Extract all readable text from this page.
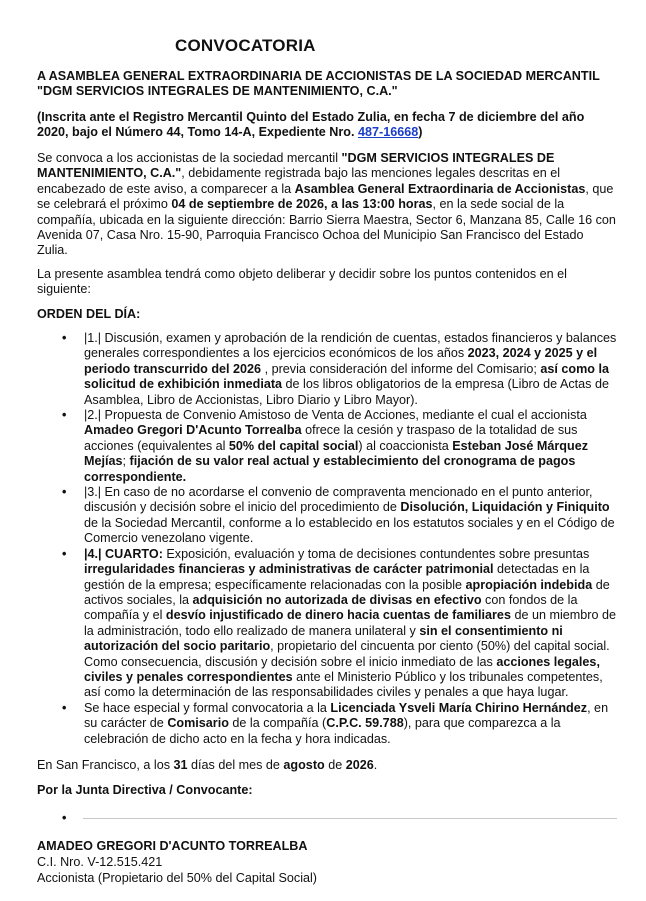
CONVOCATORIA

A ASAMBLEA GENERAL EXTRAORDINARIA DE ACCIONISTAS DE LA SOCIEDAD MERCANTIL "DGM SERVICIOS INTEGRALES DE MANTENIMIENTO, C.A."

(Inscrita ante el Registro Mercantil Quinto del Estado Zulia, en fecha 7 de diciembre del año 2020, bajo el Número 44, Tomo 14-A, Expediente Nro. 487-16668)

Se convoca a los accionistas de la sociedad mercantil "DGM SERVICIOS INTEGRALES DE MANTENIMIENTO, C.A.", debidamente registrada bajo las menciones legales descritas en el encabezado de este aviso, a comparecer a la Asamblea General Extraordinaria de Accionistas, que se celebrará el próximo 04 de septiembre de 2026, a las 13:00 horas, en la sede social de la compañía, ubicada en la siguiente dirección: Barrio Sierra Maestra, Sector 6, Manzana 85, Calle 16 con Avenida 07, Casa Nro. 15-90, Parroquia Francisco Ochoa del Municipio San Francisco del Estado Zulia.

La presente asamblea tendrá como objeto deliberar y decidir sobre los puntos contenidos en el siguiente:

ORDEN DEL DÍA:

• |1.| Discusión, examen y aprobación de la rendición de cuentas, estados financieros y balances generales correspondientes a los ejercicios económicos de los años 2023, 2024 y 2025 y el periodo transcurrido del 2026 , previa consideración del informe del Comisario; así como la solicitud de exhibición inmediata de los libros obligatorios de la empresa (Libro de Actas de Asamblea, Libro de Accionistas, Libro Diario y Libro Mayor).
• |2.| Propuesta de Convenio Amistoso de Venta de Acciones, mediante el cual el accionista Amadeo Gregori D'Acunto Torrealba ofrece la cesión y traspaso de la totalidad de sus acciones (equivalentes al 50% del capital social) al coaccionista Esteban José Márquez Mejías; fijación de su valor real actual y establecimiento del cronograma de pagos correspondiente.
• |3.| En caso de no acordarse el convenio de compraventa mencionado en el punto anterior, discusión y decisión sobre el inicio del procedimiento de Disolución, Liquidación y Finiquito de la Sociedad Mercantil, conforme a lo establecido en los estatutos sociales y en el Código de Comercio venezolano vigente.
• |4.| CUARTO: Exposición, evaluación y toma de decisiones contundentes sobre presuntas irregularidades financieras y administrativas de carácter patrimonial detectadas en la gestión de la empresa; específicamente relacionadas con la posible apropiación indebida de activos sociales, la adquisición no autorizada de divisas en efectivo con fondos de la compañía y el desvío injustificado de dinero hacia cuentas de familiares de un miembro de la administración, todo ello realizado de manera unilateral y sin el consentimiento ni autorización del socio paritario, propietario del cincuenta por ciento (50%) del capital social. Como consecuencia, discusión y decisión sobre el inicio inmediato de las acciones legales, civiles y penales correspondientes ante el Ministerio Público y los tribunales competentes, así como la determinación de las responsabilidades civiles y penales a que haya lugar.
• Se hace especial y formal convocatoria a la Licenciada Ysveli María Chirino Hernández, en su carácter de Comisario de la compañía (C.P.C. 59.788), para que comparezca a la celebración de dicho acto en la fecha y hora indicadas.

En San Francisco, a los 31 días del mes de agosto de 2026.

Por la Junta Directiva / Convocante:

•

AMADEO GREGORI D'ACUNTO TORREALBA

C.I. Nro. V-12.515.421

Accionista (Propietario del 50% del Capital Social)
